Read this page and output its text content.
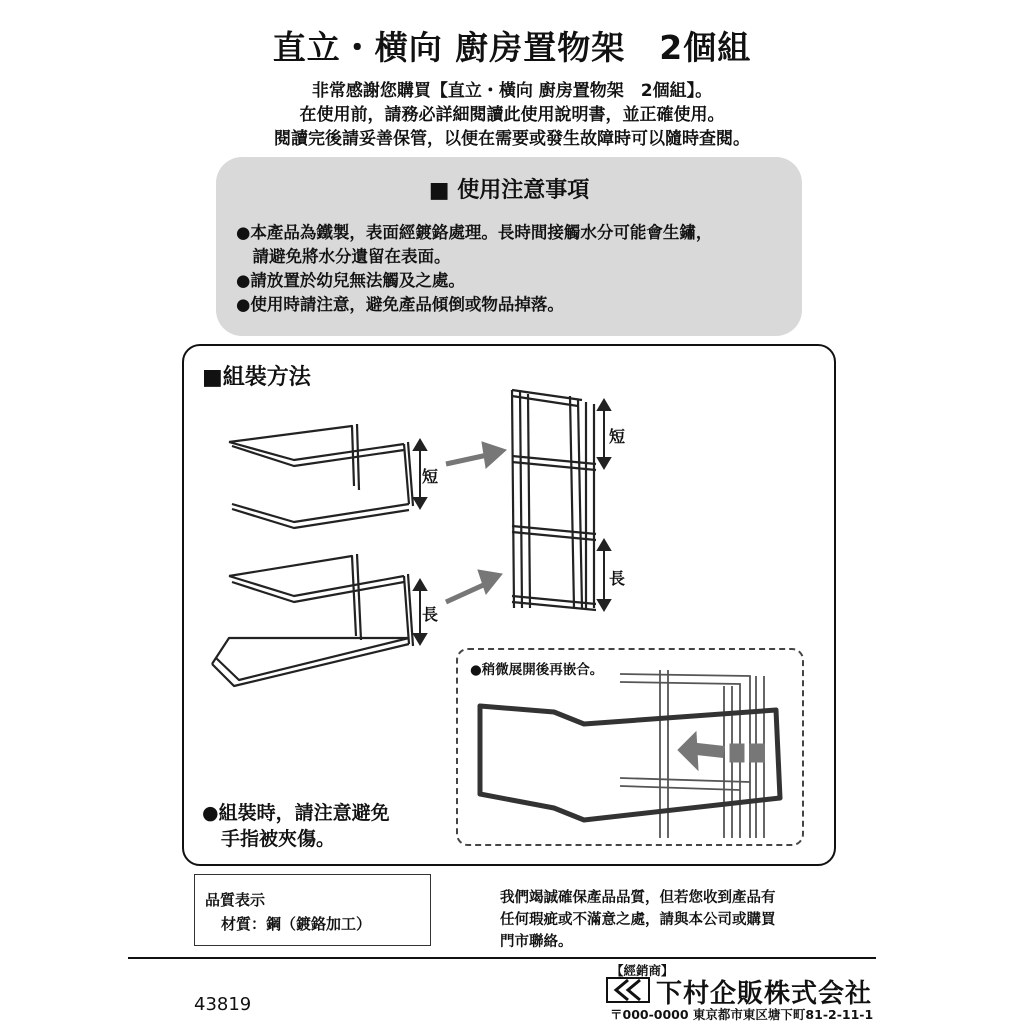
直立・横向 廚房置物架　2個組
非常感謝您購買【直立・橫向 廚房置物架　2個組】。
在使用前，請務必詳細閱讀此使用說明書，並正確使用。
閱讀完後請妥善保管，以便在需要或發生故障時可以隨時查閱。
■ 使用注意事項
●本產品為鐵製，表面經鍍鉻處理。長時間接觸水分可能會生鏽，
　請避免將水分遺留在表面。
●請放置於幼兒無法觸及之處。
●使用時請注意，避免產品傾倒或物品掉落。
■組裝方法
短
長
短
長
●稍微展開後再嵌合。
●組裝時，請注意避免
　手指被夾傷。
品質表示
材質：鋼（鍍鉻加工）
我們竭誠確保產品品質，但若您收到產品有
任何瑕疵或不滿意之處，請與本公司或購買
門市聯絡。
43819
【經銷商】
下村企販株式会社
〒000-0000 東京都市東区塘下町81-2-11-1
